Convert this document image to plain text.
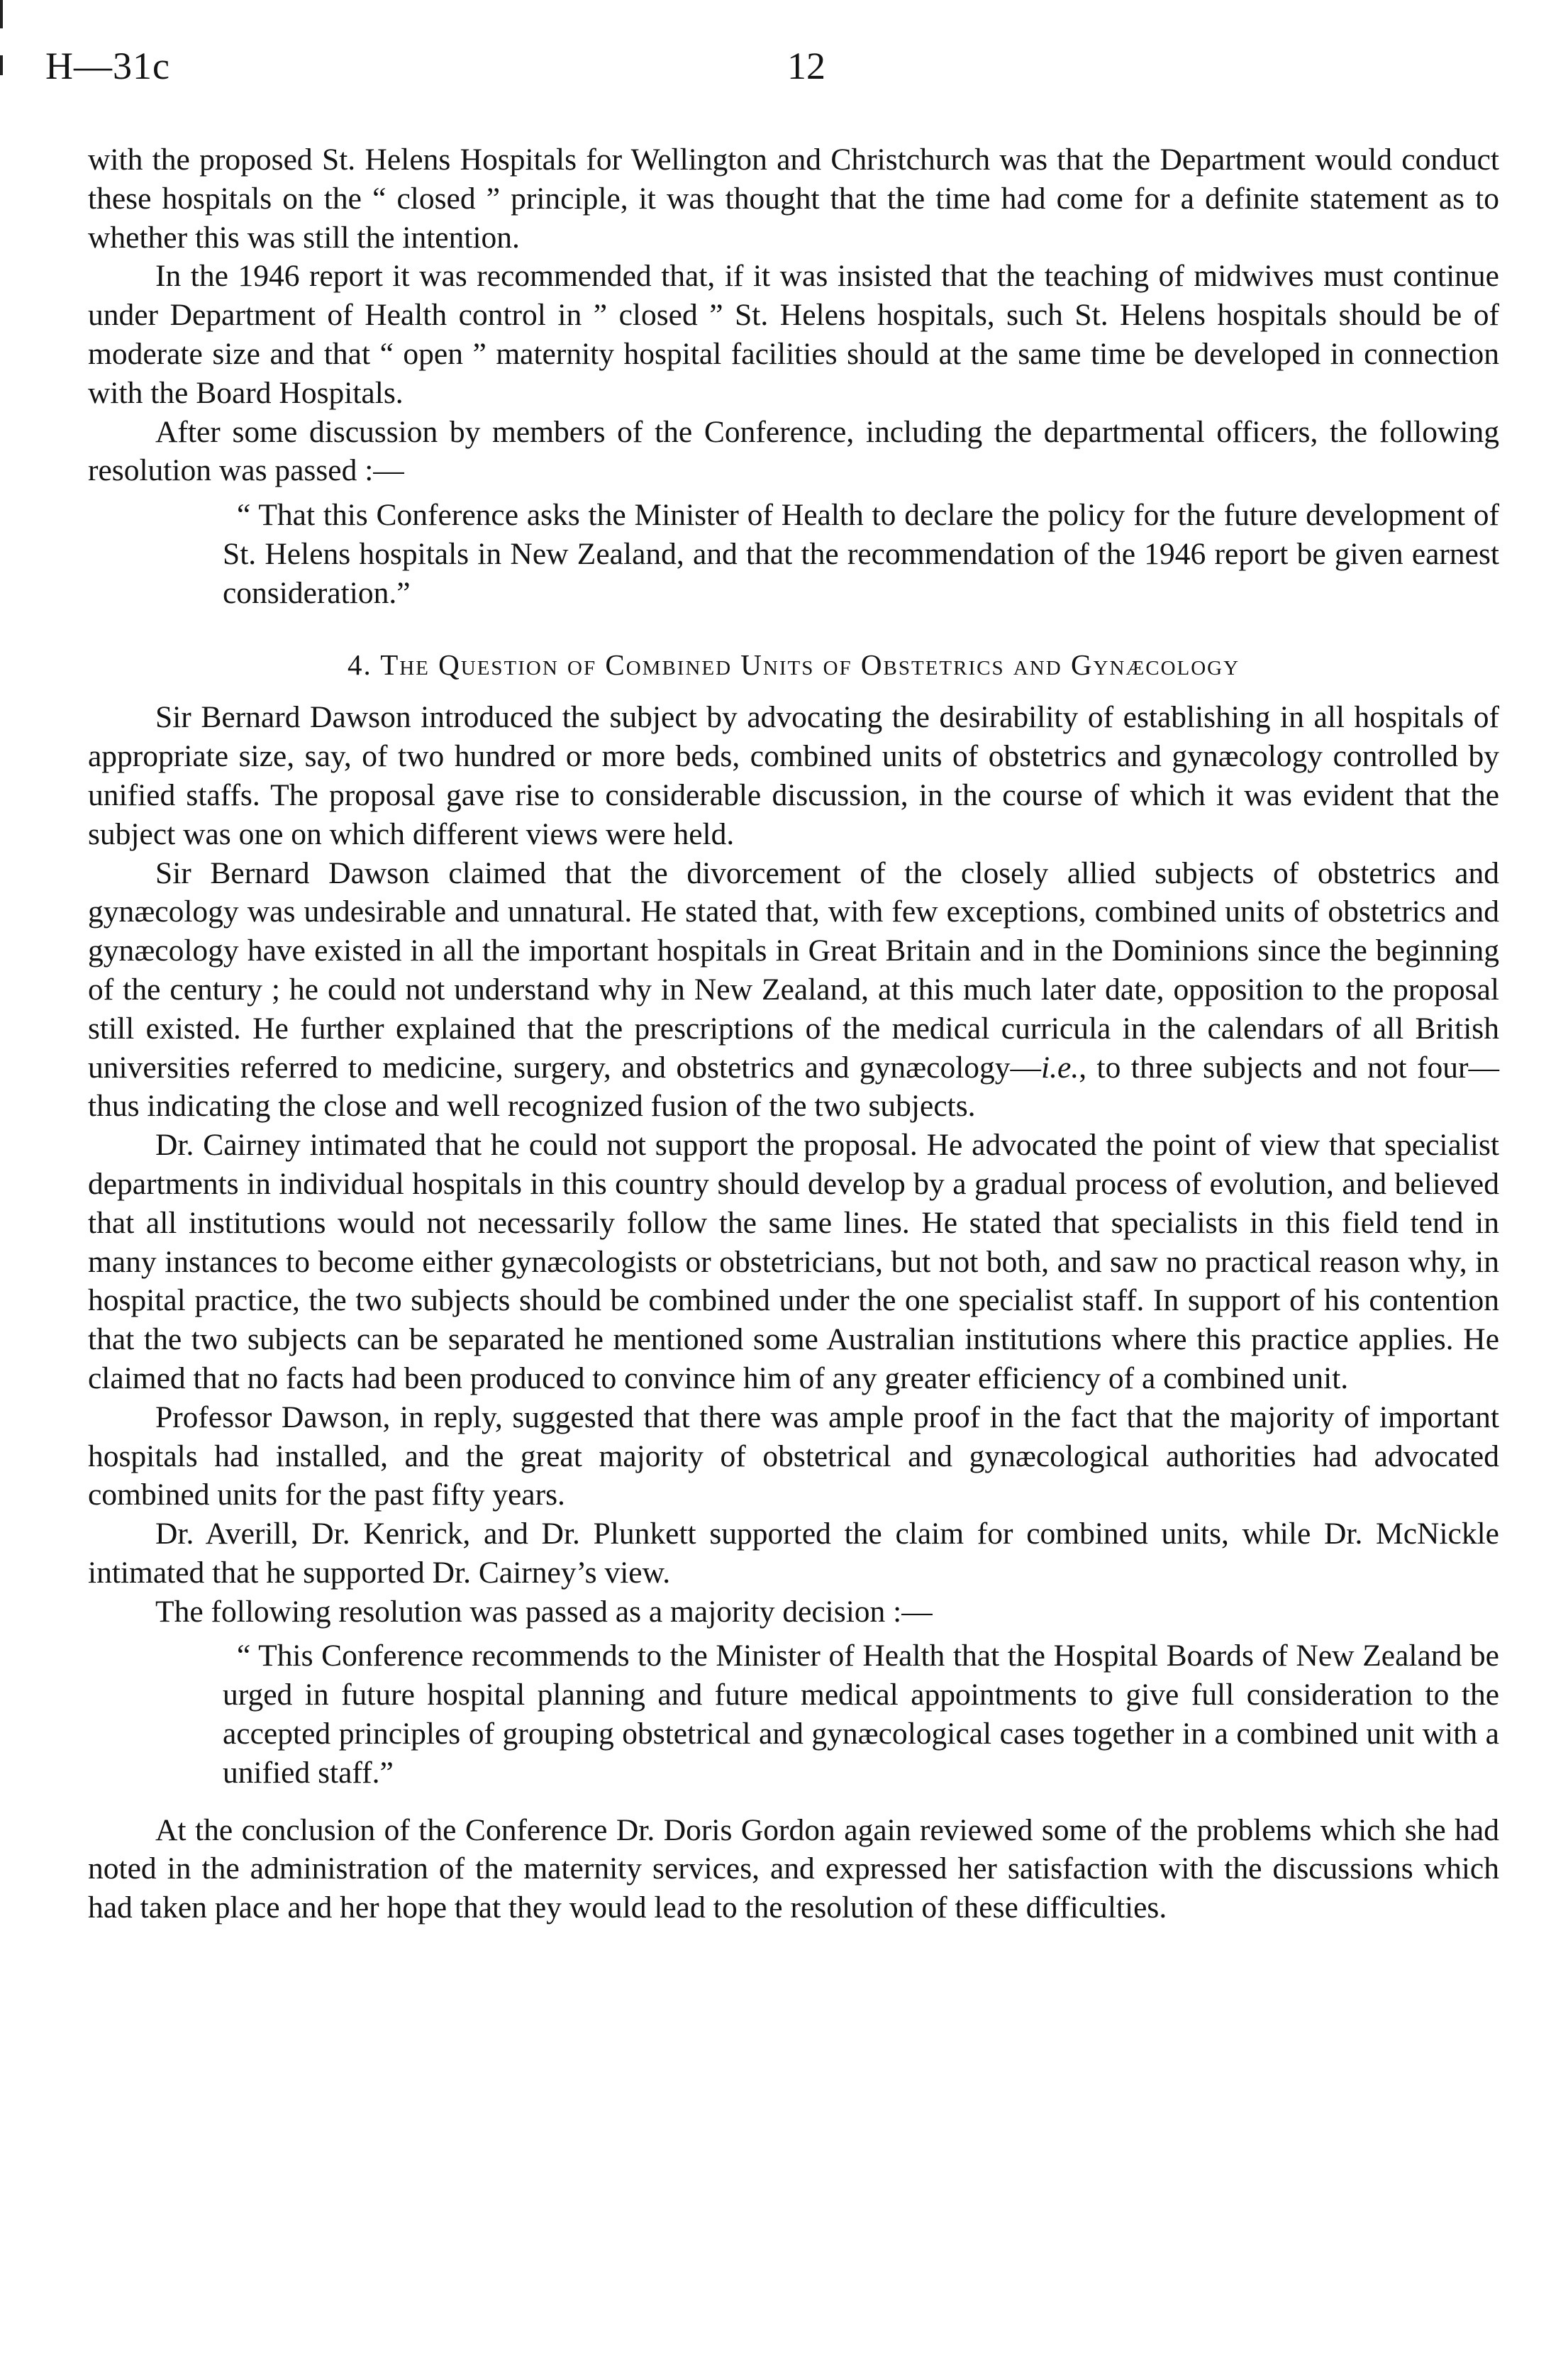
H—31c	12

with the proposed St. Helens Hospitals for Wellington and Christchurch was that the Department would conduct these hospitals on the “ closed ” principle, it was thought that the time had come for a definite statement as to whether this was still the intention.

In the 1946 report it was recommended that, if it was insisted that the teaching of midwives must continue under Department of Health control in ” closed ” St. Helens hospitals, such St. Helens hospitals should be of moderate size and that “ open ” maternity hospital facilities should at the same time be developed in connection with the Board Hospitals.

After some discussion by members of the Conference, including the departmental officers, the following resolution was passed :—

“ That this Conference asks the Minister of Health to declare the policy for the future development of St. Helens hospitals in New Zealand, and that the recommendation of the 1946 report be given earnest consideration.”

4. The Question of Combined Units of Obstetrics and Gynæcology

Sir Bernard Dawson introduced the subject by advocating the desirability of establishing in all hospitals of appropriate size, say, of two hundred or more beds, combined units of obstetrics and gynæcology controlled by unified staffs. The proposal gave rise to considerable discussion, in the course of which it was evident that the subject was one on which different views were held.

Sir Bernard Dawson claimed that the divorcement of the closely allied subjects of obstetrics and gynæcology was undesirable and unnatural. He stated that, with few exceptions, combined units of obstetrics and gynæcology have existed in all the important hospitals in Great Britain and in the Dominions since the beginning of the century ; he could not understand why in New Zealand, at this much later date, opposition to the proposal still existed. He further explained that the prescriptions of the medical curricula in the calendars of all British universities referred to medicine, surgery, and obstetrics and gynæcology—i.e., to three subjects and not four—thus indicating the close and well recognized fusion of the two subjects.

Dr. Cairney intimated that he could not support the proposal. He advocated the point of view that specialist departments in individual hospitals in this country should develop by a gradual process of evolution, and believed that all institutions would not necessarily follow the same lines. He stated that specialists in this field tend in many instances to become either gynæcologists or obstetricians, but not both, and saw no practical reason why, in hospital practice, the two subjects should be combined under the one specialist staff. In support of his contention that the two subjects can be separated he mentioned some Australian institutions where this practice applies. He claimed that no facts had been produced to convince him of any greater efficiency of a combined unit.

Professor Dawson, in reply, suggested that there was ample proof in the fact that the majority of important hospitals had installed, and the great majority of obstetrical and gynæcological authorities had advocated combined units for the past fifty years.

Dr. Averill, Dr. Kenrick, and Dr. Plunkett supported the claim for combined units, while Dr. McNickle intimated that he supported Dr. Cairney’s view.

The following resolution was passed as a majority decision :—

“ This Conference recommends to the Minister of Health that the Hospital Boards of New Zealand be urged in future hospital planning and future medical appointments to give full consideration to the accepted principles of grouping obstetrical and gynæcological cases together in a combined unit with a unified staff.”

At the conclusion of the Conference Dr. Doris Gordon again reviewed some of the problems which she had noted in the administration of the maternity services, and expressed her satisfaction with the discussions which had taken place and her hope that they would lead to the resolution of these difficulties.
